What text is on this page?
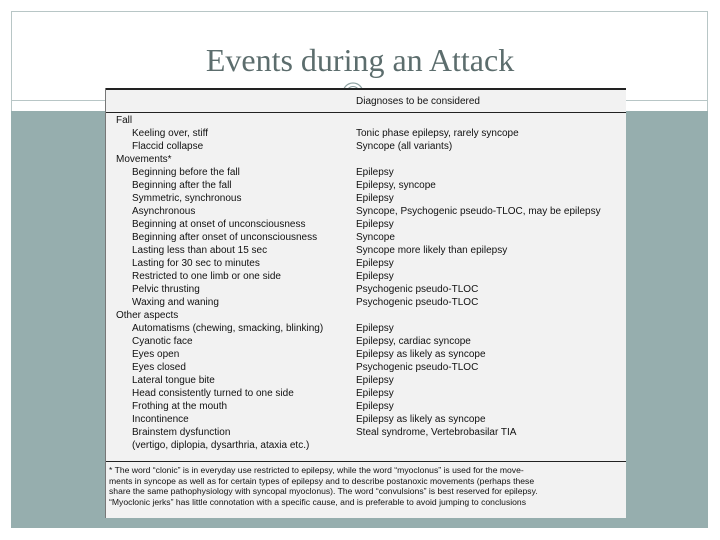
Events during an Attack
Diagnoses to be considered
Fall
Keeling over, stiff	Tonic phase epilepsy, rarely syncope
Flaccid collapse	Syncope (all variants)
Movements*
Beginning before the fall	Epilepsy
Beginning after the fall	Epilepsy, syncope
Symmetric, synchronous	Epilepsy
Asynchronous	Syncope, Psychogenic pseudo-TLOC, may be epilepsy
Beginning at onset of unconsciousness	Epilepsy
Beginning after onset of unconsciousness	Syncope
Lasting less than about 15 sec	Syncope more likely than epilepsy
Lasting for 30 sec to minutes	Epilepsy
Restricted to one limb or one side	Epilepsy
Pelvic thrusting	Psychogenic pseudo-TLOC
Waxing and waning	Psychogenic pseudo-TLOC
Other aspects
Automatisms (chewing, smacking, blinking)	Epilepsy
Cyanotic face	Epilepsy, cardiac syncope
Eyes open	Epilepsy as likely as syncope
Eyes closed	Psychogenic pseudo-TLOC
Lateral tongue bite	Epilepsy
Head consistently turned to one side	Epilepsy
Frothing at the mouth	Epilepsy
Incontinence	Epilepsy as likely as syncope
Brainstem dysfunction	Steal syndrome, Vertebrobasilar TIA
(vertigo, diplopia, dysarthria, ataxia etc.)

* The word “clonic” is in everyday use restricted to epilepsy, while the word “myoclonus” is used for the move-

ments in syncope as well as for certain types of epilepsy and to describe postanoxic movements (perhaps these

share the same pathophysiology with syncopal myoclonus). The word “convulsions” is best reserved for epilepsy.

“Myoclonic jerks” has little connotation with a specific cause, and is preferable to avoid jumping to conclusions
